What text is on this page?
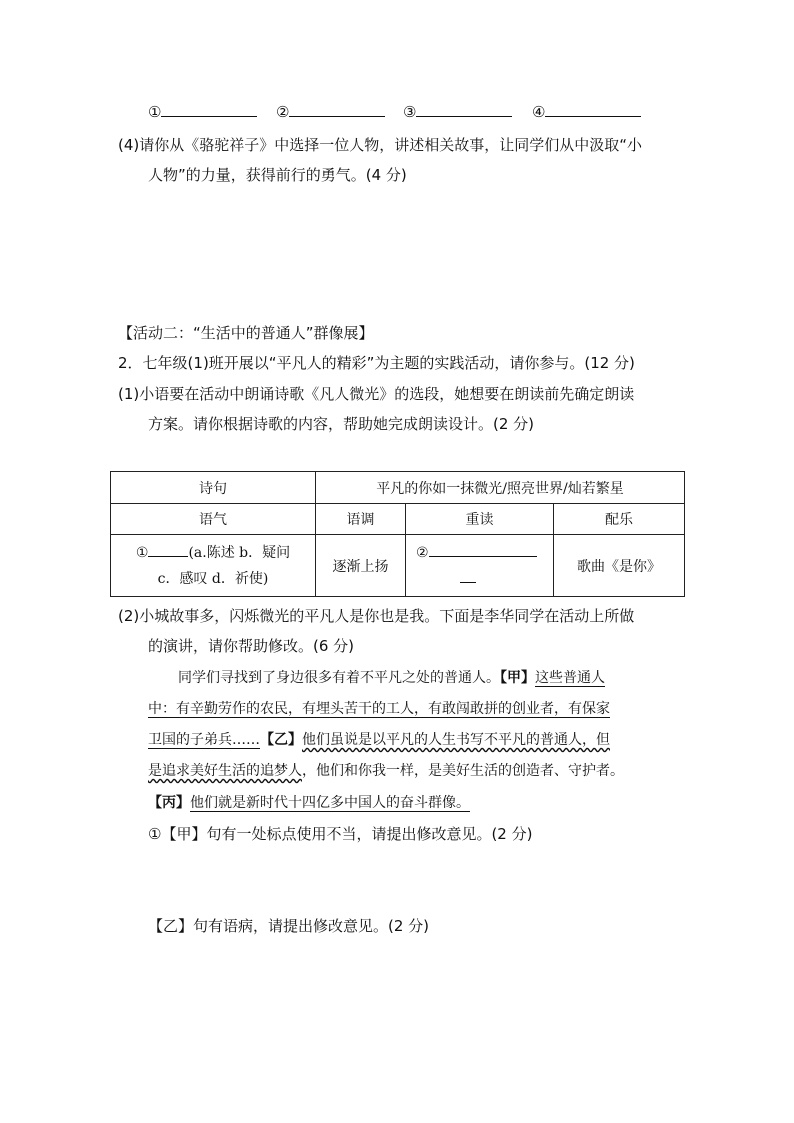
①	②	③	④
(4)请你从《骆驼祥子》中选择一位人物，讲述相关故事，让同学们从中汲取“小
人物”的力量，获得前行的勇气。(4 分)
【活动二：“生活中的普通人”群像展】
2．七年级(1)班开展以“平凡人的精彩”为主题的实践活动，请你参与。(12 分)
(1)小语要在活动中朗诵诗歌《凡人微光》的选段，她想要在朗读前先确定朗读
方案。请你根据诗歌的内容，帮助她完成朗读设计。(2 分)
诗句	平凡的你如一抹微光/照亮世界/灿若繁星		
语气	语调	重读	配乐

① (a.陈述 b．疑问
c．感叹 d．祈使)	逐渐上扬	②	歌曲《是你》
(2)小城故事多，闪烁微光的平凡人是你也是我。下面是李华同学在活动上所做
的演讲，请你帮助修改。(6 分)
同学们寻找到了身边很多有着不平凡之处的普通人。【甲】这些普通人
中：有辛勤劳作的农民，有埋头苦干的工人，有敢闯敢拼的创业者，有保家
卫国的子弟兵……【乙】他们虽说是以平凡的人生书写不平凡的普通人，但
是追求美好生活的追梦人，他们和你我一样，是美好生活的创造者、守护者。
【丙】他们就是新时代十四亿多中国人的奋斗群像。
①【甲】句有一处标点使用不当，请提出修改意见。(2 分)
【乙】句有语病，请提出修改意见。(2 分)
